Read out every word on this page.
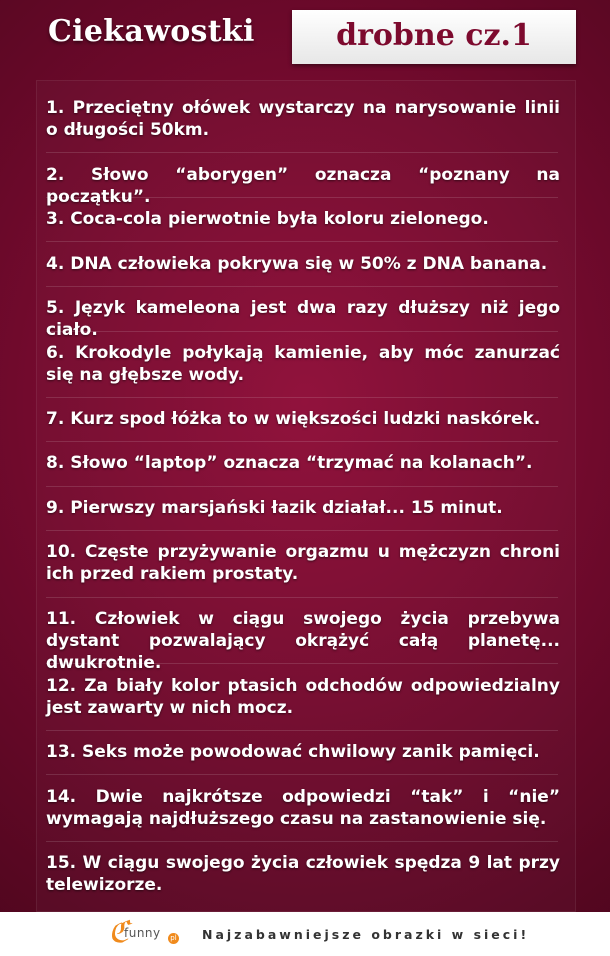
Ciekawostki	drobne cz.1
1. Przeciętny ołówek wystarczy na narysowanie linii o długości 50km.
2. Słowo “aborygen” oznacza “poznany na początku”.
3. Coca-cola pierwotnie była koloru zielonego.
4. DNA człowieka pokrywa się w 50% z DNA banana.
5. Język kameleona jest dwa razy dłuższy niż jego ciało.
6. Krokodyle połykają kamienie, aby móc zanurzać się na głębsze wody.
7. Kurz spod łóżka to w większości ludzki naskórek.
8. Słowo “laptop” oznacza “trzymać na kolanach”.
9. Pierwszy marsjański łazik działał... 15 minut.
10. Częste przyżywanie orgazmu u mężczyzn chroni ich przed rakiem prostaty.
11. Człowiek w ciągu swojego życia przebywa dystant pozwalający okrążyć całą planetę... dwukrotnie.
12. Za biały kolor ptasich odchodów odpowiedzialny jest zawarty w nich mocz.
13. Seks może powodować chwilowy zanik pamięci.
14. Dwie najkrótsze odpowiedzi “tak” i “nie” wymagają najdłuższego czasu na zastanowienie się.
15. W ciągu swojego życia człowiek spędza 9 lat przy telewizorze.
ℭ
funny	pl Najzabawniejsze obrazki w sieci!
